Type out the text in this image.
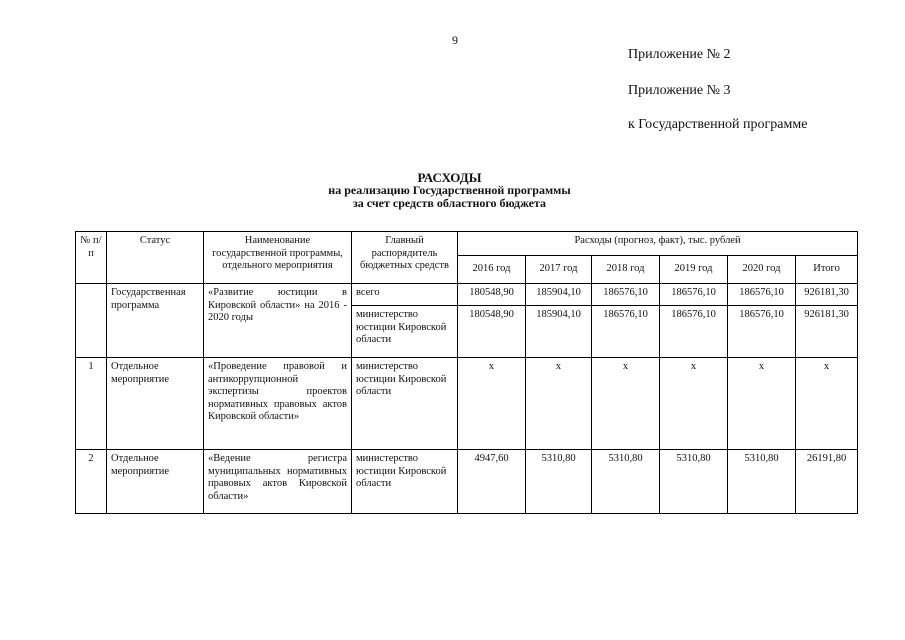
9
Приложение № 2
Приложение № 3
к Государственной программе
РАСХОДЫ
на реализацию Государственной программы
за счет средств областного бюджета
№ п/п	Статус	Наименование государственной программы, отдельного мероприятия	Главный распорядитель бюджетных средств	Расходы (прогноз, факт), тыс. рублей					
				2016 год	2017 год	2018 год	2019 год	2020 год	Итого
	Государственная программа	«Развитие юстиции в Кировской области» на 2016 - 2020 годы	всего	180548,90	185904,10	186576,10	186576,10	186576,10	926181,30
			министерство юстиции Кировской области	180548,90	185904,10	186576,10	186576,10	186576,10	926181,30
1	Отдельное мероприятие	«Проведение правовой и антикоррупционной экспертизы проектов нормативных правовых актов Кировской области»	министерство юстиции Кировской области	х	х	х	х	х	х
2	Отдельное мероприятие	«Ведение регистра муниципальных нормативных правовых актов Кировской области»	министерство юстиции Кировской области	4947,60	5310,80	5310,80	5310,80	5310,80	26191,80
